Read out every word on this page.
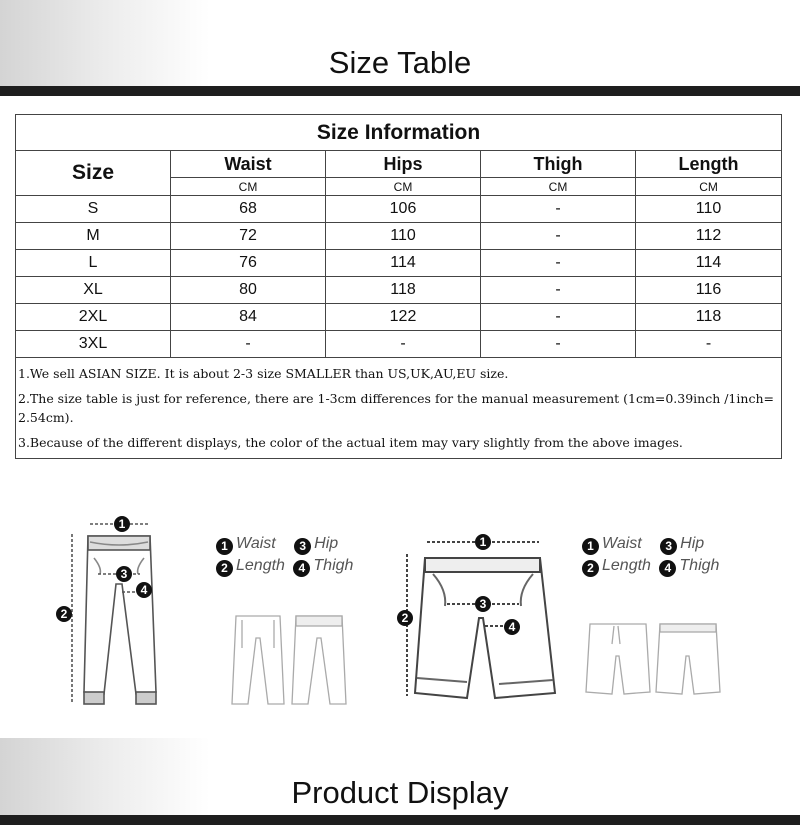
Size Table
Size Information				
Size	Waist	Hips	Thigh	Length
	CM	CM	CM	CM
S	68	106	-	110
M	72	110	-	112
L	76	114	-	114
XL	80	118	-	116
2XL	84	122	-	118
3XL	-	-	-	-

1.We sell ASIAN SIZE. It is about 2-3 size SMALLER than US,UK,AU,EU size.

2.The size table is just for reference, there are 1-3cm differences for the manual measurement (1cm=0.39inch /1inch= 2.54cm).

3.Because of the different displays, the color of the actual item may vary slightly from the above images.				

1
2
3
4
1 Waist 3 Hip
2 Length 4 Thigh
1
2
3
4
1 Waist 3 Hip
2 Length 4 Thigh
Product Display
